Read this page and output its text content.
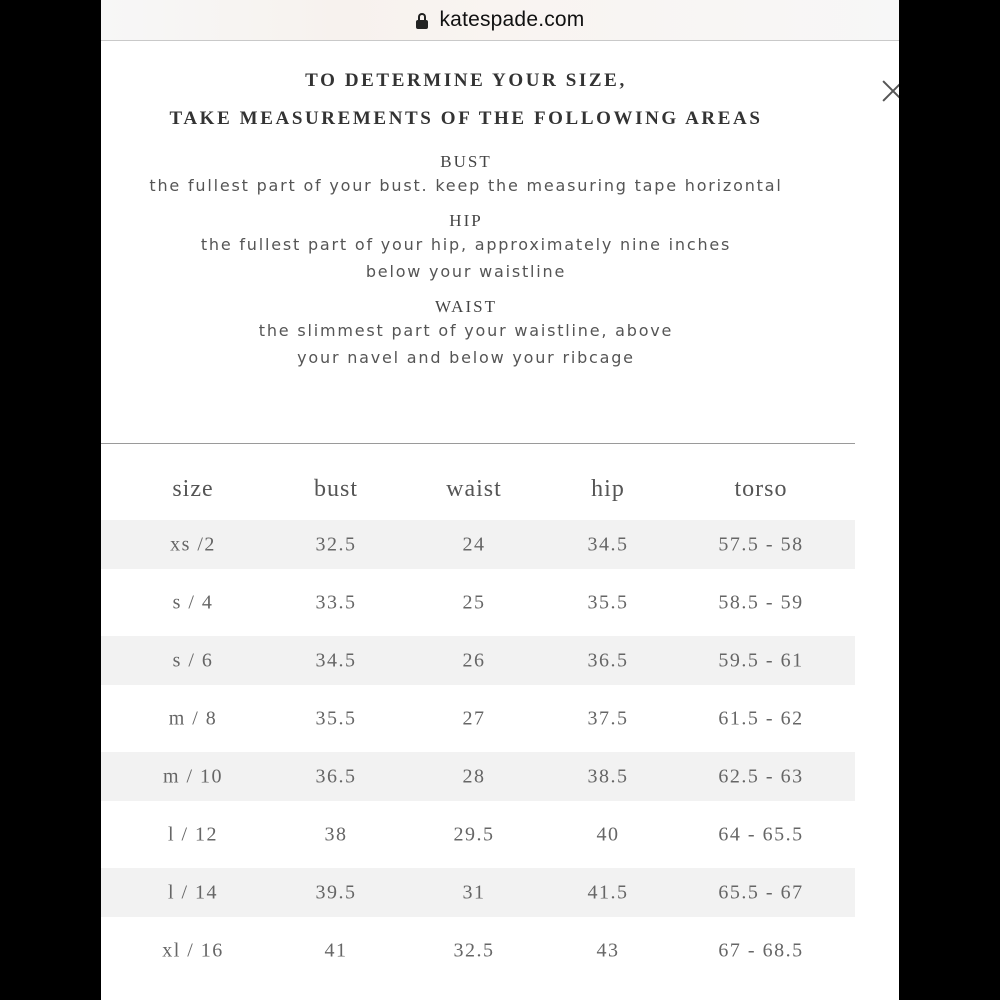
katespade.com
TO DETERMINE YOUR SIZE,
TAKE MEASUREMENTS OF THE FOLLOWING AREAS
BUST
the fullest part of your bust. keep the measuring tape horizontal
HIP
the fullest part of your hip, approximately nine inches
below your waistline
WAIST
the slimmest part of your waistline, above
your navel and below your ribcage
size	bust	waist	hip	torso
xs /2	32.5	24	34.5	57.5 - 58
s / 4	33.5	25	35.5	58.5 - 59
s / 6	34.5	26	36.5	59.5 - 61
m / 8	35.5	27	37.5	61.5 - 62
m / 10	36.5	28	38.5	62.5 - 63
l / 12	38	29.5	40	64 - 65.5
l / 14	39.5	31	41.5	65.5 - 67
xl / 16	41	32.5	43	67 - 68.5
